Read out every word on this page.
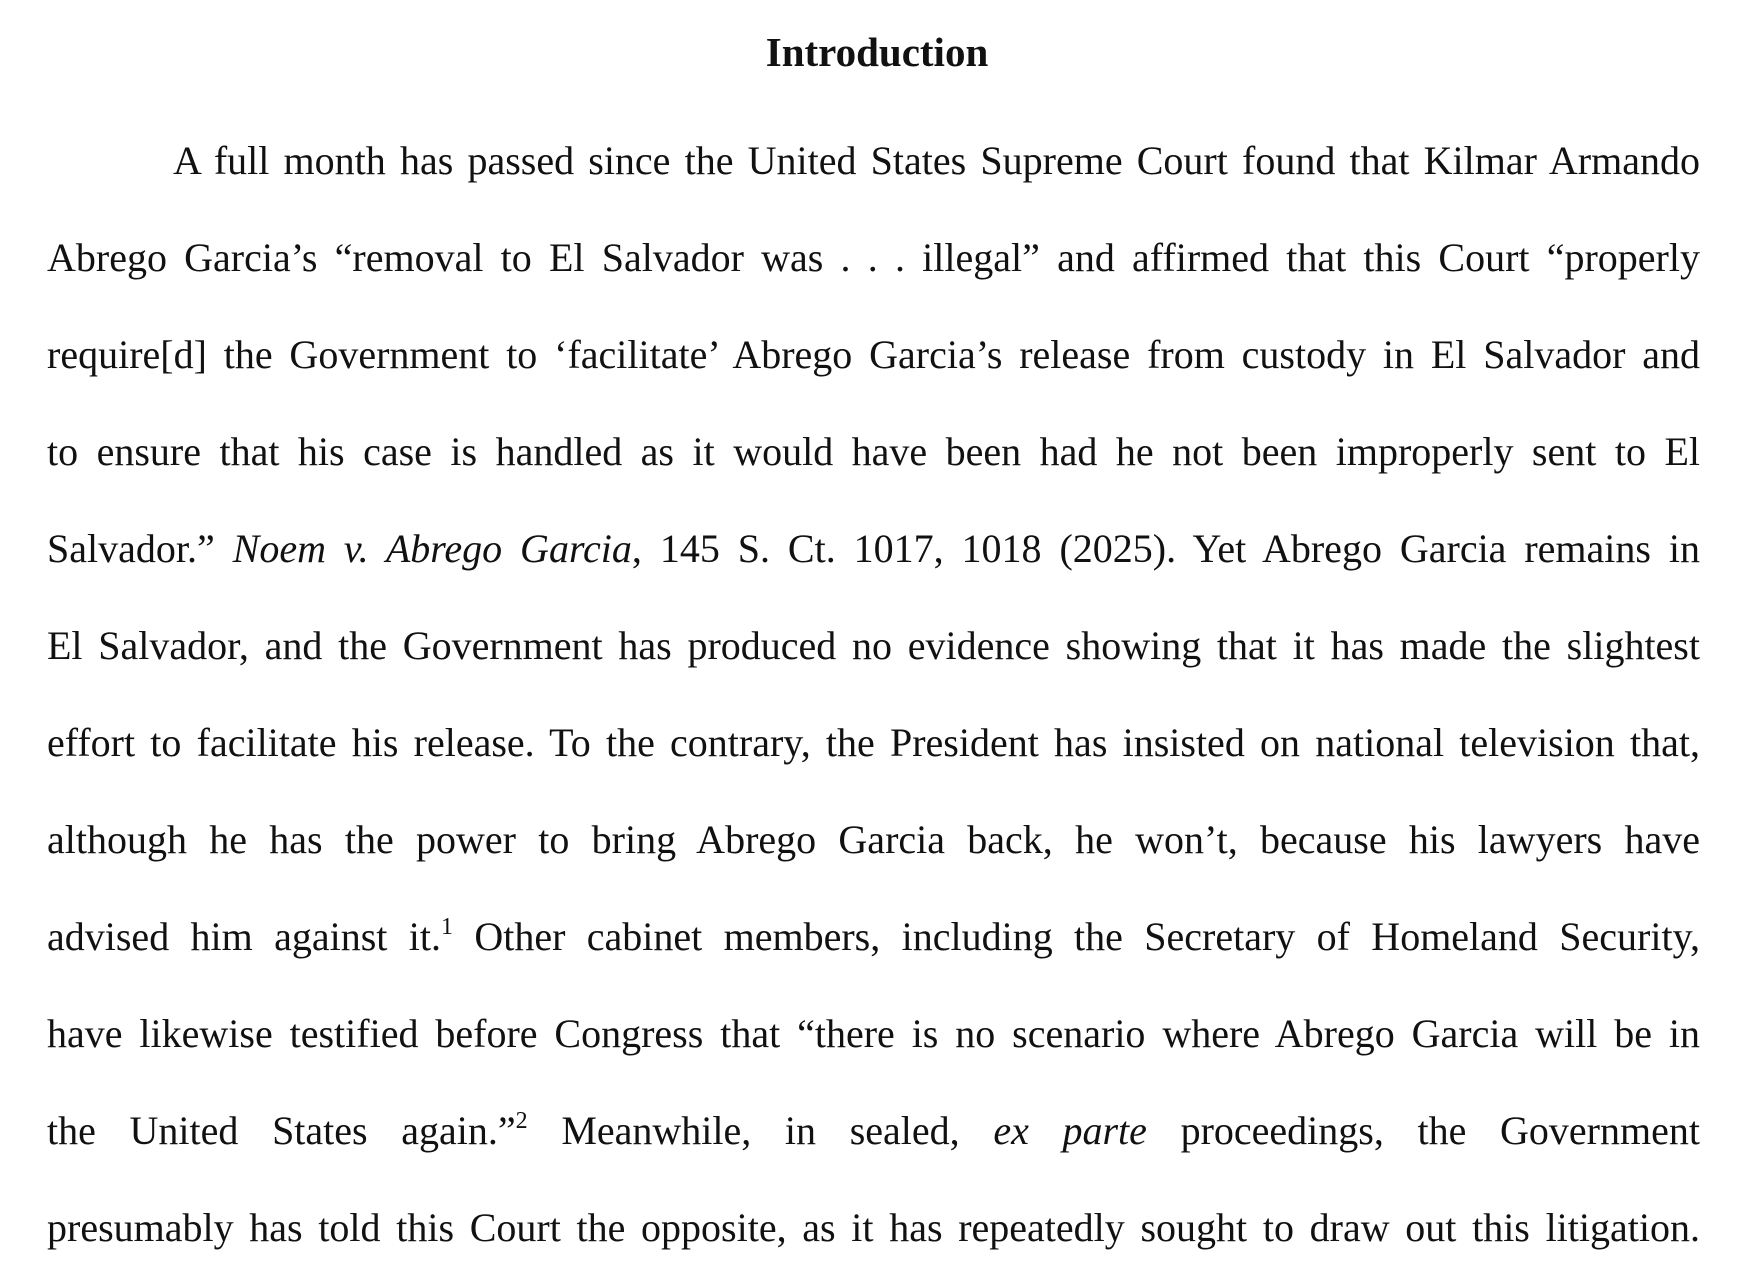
Introduction
A full month has passed since the United States Supreme Court found that Kilmar Armando
Abrego Garcia’s “removal to El Salvador was . . . illegal” and affirmed that this Court “properly
require[d] the Government to ‘facilitate’ Abrego Garcia’s release from custody in El Salvador and
to ensure that his case is handled as it would have been had he not been improperly sent to El
Salvador.” Noem v. Abrego Garcia, 145 S. Ct. 1017, 1018 (2025). Yet Abrego Garcia remains in
El Salvador, and the Government has produced no evidence showing that it has made the slightest
effort to facilitate his release. To the contrary, the President has insisted on national television that,
although he has the power to bring Abrego Garcia back, he won’t, because his lawyers have
advised him against it.$^1$ Other cabinet members, including the Secretary of Homeland Security,
have likewise testified before Congress that “there is no scenario where Abrego Garcia will be in
the United States again.”$^2$ Meanwhile, in sealed, ex parte proceedings, the Government
presumably has told this Court the opposite, as it has repeatedly sought to draw out this litigation.
